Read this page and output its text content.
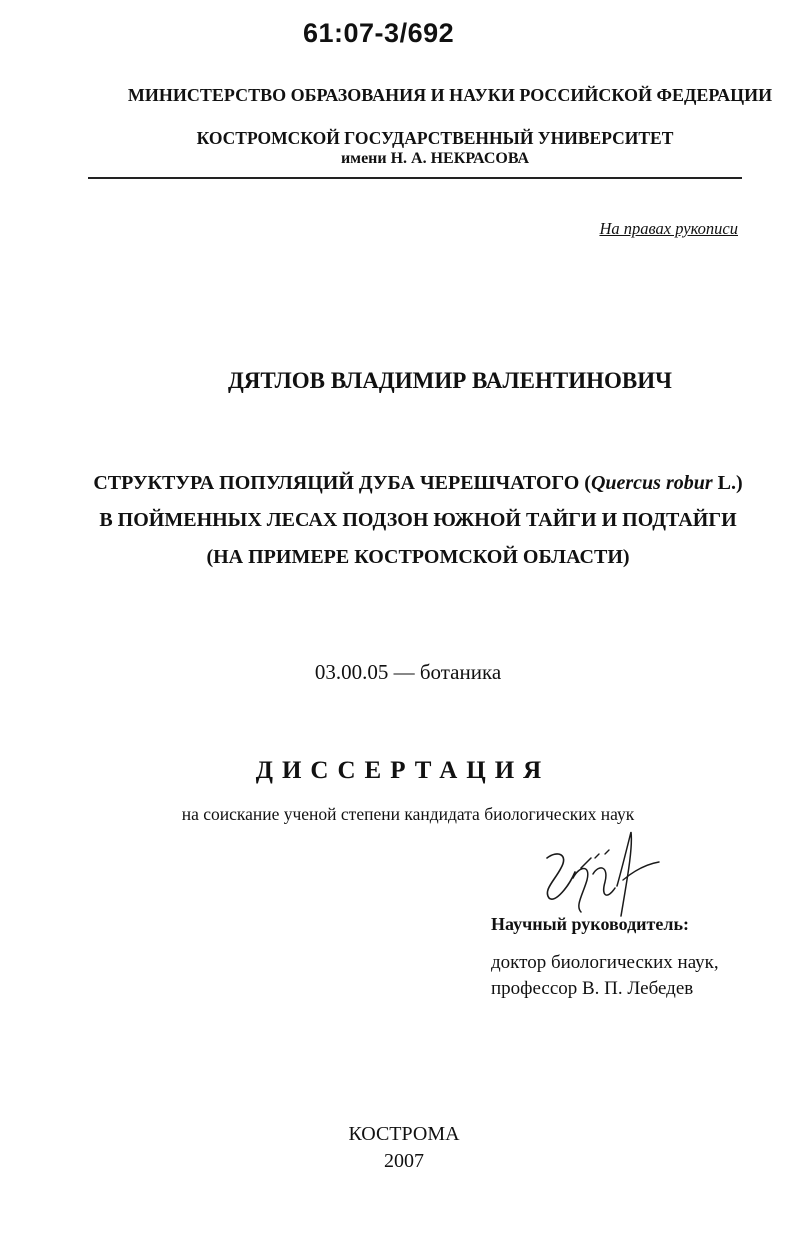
61:07-3/692
МИНИСТЕРСТВО ОБРАЗОВАНИЯ И НАУКИ РОССИЙСКОЙ ФЕДЕРАЦИИ
КОСТРОМСКОЙ ГОСУДАРСТВЕННЫЙ УНИВЕРСИТЕТ
имени Н. А. НЕКРАСОВА
На правах рукописи
ДЯТЛОВ ВЛАДИМИР ВАЛЕНТИНОВИЧ
СТРУКТУРА ПОПУЛЯЦИЙ ДУБА ЧЕРЕШЧАТОГО (Quercus robur L.)
В ПОЙМЕННЫХ ЛЕСАХ ПОДЗОН ЮЖНОЙ ТАЙГИ И ПОДТАЙГИ
(НА ПРИМЕРЕ КОСТРОМСКОЙ ОБЛАСТИ)
03.00.05 — ботаника
ДИССЕРТАЦИЯ
на соискание ученой степени кандидата биологических наук
Научный руководитель:
доктор биологических наук,
профессор В. П. Лебедев
КОСТРОМА
2007
